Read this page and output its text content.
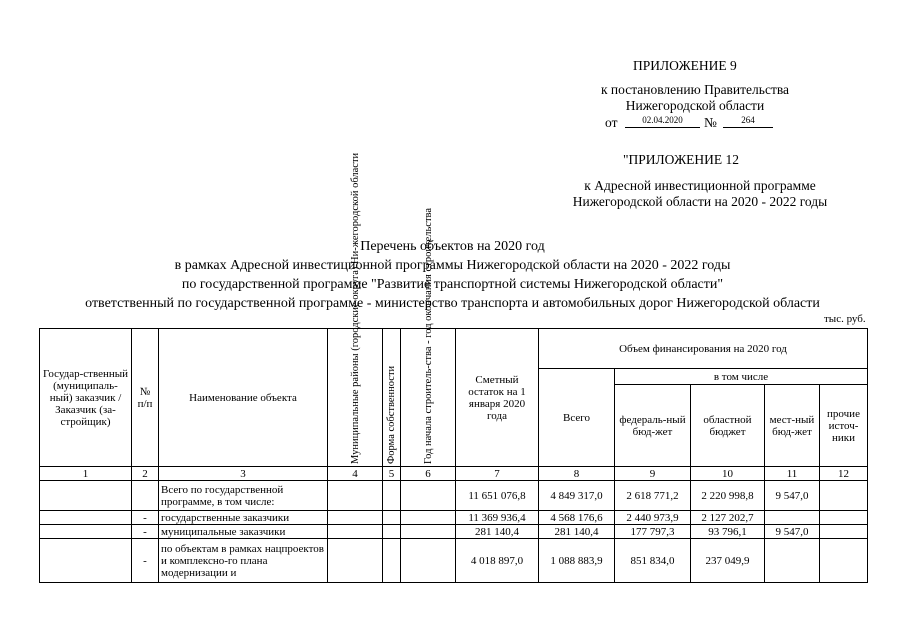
ПРИЛОЖЕНИЕ 9
к постановлению Правительства
Нижегородской области
от	02.04.2020	№	264
"ПРИЛОЖЕНИЕ 12
к Адресной инвестиционной программе
Нижегородской области на 2020 - 2022 годы
Перечень объектов на 2020 год
в рамках Адресной инвестиционной программы Нижегородской области на 2020 - 2022 годы
по государственной программе "Развитие транспортной системы Нижегородской области"
ответственный по государственной программе - министерство транспорта и автомобильных дорог Нижегородской области
тыс. руб.
Государ-ственный (муниципаль-ный) заказчик /Заказчик (за-стройщик)	№ п/п	Наименование объекта	Муниципальные районы (городские округа) Ни-жегородской области	Форма собственности	Год начала строитель-ства - год окончания строительства	Сметный остаток на 1 января 2020 года	Объем финансирования на 2020 год				
							Всего	в том числе			
								федераль-ный бюд-жет	областной бюджет	мест-ный бюд-жет	прочие источ-ники
1	2	3	4	5	6	7	8	9	10	11	12
		Всего по государственной программе, в том числе:				11 651 076,8	4 849 317,0	2 618 771,2	2 220 998,8	9 547,0	
	-	государственные заказчики				11 369 936,4	4 568 176,6	2 440 973,9	2 127 202,7		
	-	муниципальные заказчики				281 140,4	281 140,4	177 797,3	93 796,1	9 547,0	
	-	по объектам в рамках нацпроектов и комплексно-го плана модернизации и				4 018 897,0	1 088 883,9	851 834,0	237 049,9		
